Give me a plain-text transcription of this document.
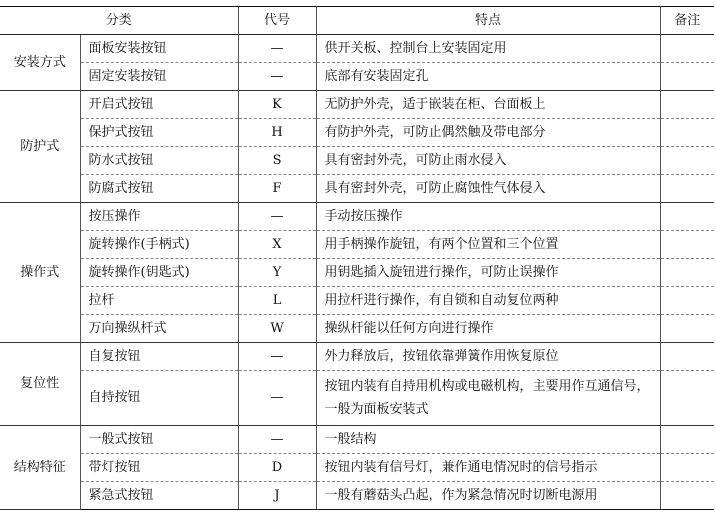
分类		代号	特点	备注
安装方式	面板安装按钮	—	供开关板、控制台上安装固定用	
	固定安装按钮	—	底部有安装固定孔	
防护式	开启式按钮	K	无防护外壳，适于嵌装在柜、台面板上	
	保护式按钮	H	有防护外壳，可防止偶然触及带电部分	
	防水式按钮	S	具有密封外壳，可防止雨水侵入	
	防腐式按钮	F	具有密封外壳，可防止腐蚀性气体侵入	
操作式	按压操作	—	手动按压操作	
	旋转操作(手柄式)	X	用手柄操作旋钮，有两个位置和三个位置	
	旋转操作(钥匙式)	Y	用钥匙插入旋钮进行操作，可防止误操作	
	拉杆	L	用拉杆进行操作，有自锁和自动复位两种	
	万向操纵杆式	W	操纵杆能以任何方向进行操作	
复位性	自复按钮	—	外力释放后，按钮依靠弹簧作用恢复原位	
	自持按钮	—	按钮内装有自持用机构或电磁机构，主要用作互通信号，一般为面板安装式	
结构特征	一般式按钮	—	一般结构	
	带灯按钮	D	按钮内装有信号灯，兼作通电情况时的信号指示	
	紧急式按钮	J	一般有蘑菇头凸起，作为紧急情况时切断电源用	
